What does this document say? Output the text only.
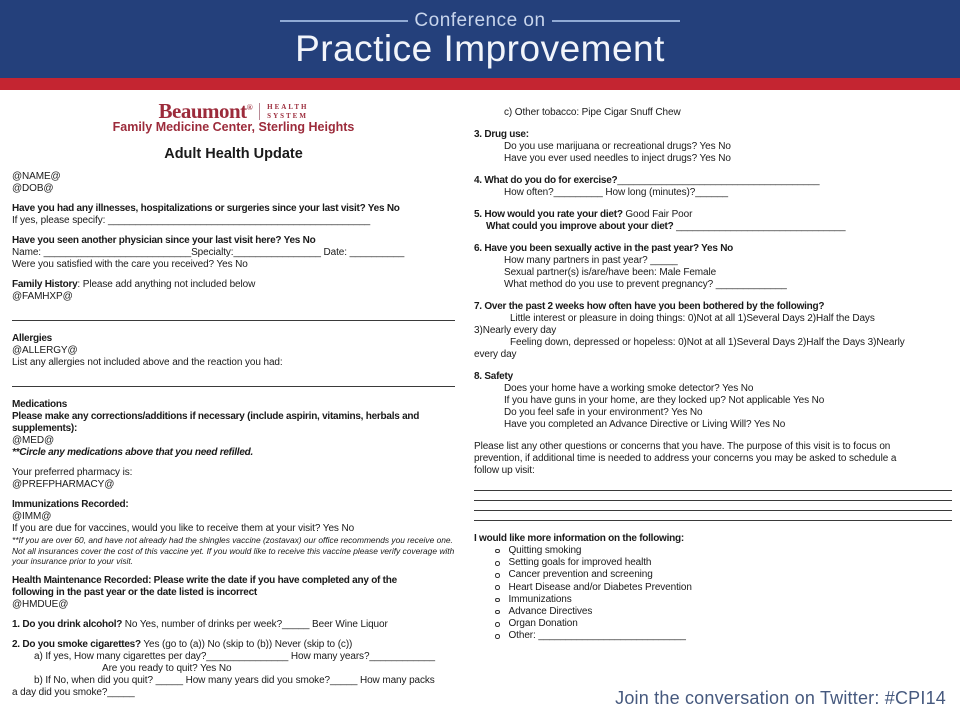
Conference on
Practice Improvement
Beaumont® HEALTH
SYSTEM
Family Medicine Center, Sterling Heights
Adult Health Update
@NAME@
@DOB@
Have you had any illnesses, hospitalizations or surgeries since your last visit? Yes No
If yes, please specify: ________________________________________________
Have you seen another physician since your last visit here? Yes No
Name: ___________________________Specialty:________________ Date: __________
Were you satisfied with the care you received? Yes No
Family History: Please add anything not included below
@FAMHXP@
Allergies
@ALLERGY@
List any allergies not included above and the reaction you had:
Medications
Please make any corrections/additions if necessary (include aspirin, vitamins, herbals and
supplements):
@MED@
**Circle any medications above that you need refilled.
Your preferred pharmacy is:
@PREFPHARMACY@
Immunizations Recorded:
@IMM@
If you are due for vaccines, would you like to receive them at your visit? Yes No
**If you are over 60, and have not already had the shingles vaccine (zostavax) our office recommends you receive one.
Not all insurances cover the cost of this vaccine yet. If you would like to receive this vaccine please verify coverage with
your insurance prior to your visit.
Health Maintenance Recorded: Please write the date if you have completed any of the
following in the past year or the date listed is incorrect
@HMDUE@
1. Do you drink alcohol? No Yes, number of drinks per week?_____ Beer Wine Liquor
2. Do you smoke cigarettes? Yes (go to (a)) No (skip to (b)) Never (skip to (c))
a) If yes, How many cigarettes per day?_______________ How many years?____________
Are you ready to quit? Yes No
b) If No, when did you quit? _____ How many years did you smoke?_____ How many packs
a day did you smoke?_____
c) Other tobacco: Pipe Cigar Snuff Chew
3. Drug use:
Do you use marijuana or recreational drugs? Yes No
Have you ever used needles to inject drugs? Yes No
4. What do you do for exercise?_____________________________________
How often?_________ How long (minutes)?______
5. How would you rate your diet? Good Fair Poor
What could you improve about your diet? _______________________________
6. Have you been sexually active in the past year? Yes No
How many partners in past year? _____
Sexual partner(s) is/are/have been: Male Female
What method do you use to prevent pregnancy? _____________
7. Over the past 2 weeks how often have you been bothered by the following?
Little interest or pleasure in doing things: 0)Not at all 1)Several Days 2)Half the Days
3)Nearly every day
Feeling down, depressed or hopeless: 0)Not at all 1)Several Days 2)Half the Days 3)Nearly
every day
8. Safety
Does your home have a working smoke detector? Yes No
If you have guns in your home, are they locked up? Not applicable Yes No
Do you feel safe in your environment? Yes No
Have you completed an Advance Directive or Living Will? Yes No
Please list any other questions or concerns that you have. The purpose of this visit is to focus on
prevention, if additional time is needed to address your concerns you may be asked to schedule a
follow up visit:
I would like more information on the following:
Quitting smoking
Setting goals for improved health
Cancer prevention and screening
Heart Disease and/or Diabetes Prevention
Immunizations
Advance Directives
Organ Donation
Other: ___________________________
Join the conversation on Twitter: #CPI14
